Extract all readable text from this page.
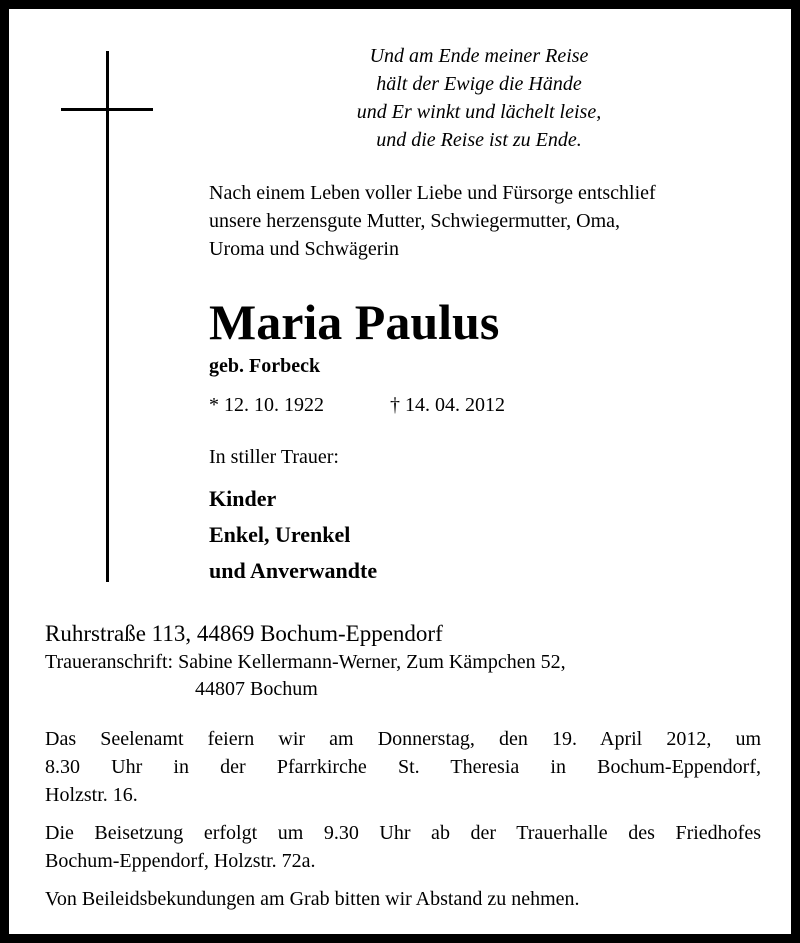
Und am Ende meiner Reise
hält der Ewige die Hände
und Er winkt und lächelt leise,
und die Reise ist zu Ende.
Nach einem Leben voller Liebe und Fürsorge entschlief
unsere herzensgute Mutter, Schwiegermutter, Oma,
Uroma und Schwägerin
Maria Paulus
geb. Forbeck
* 12. 10. 1922	† 14. 04. 2012
In stiller Trauer:
Kinder
Enkel, Urenkel
und Anverwandte
Ruhrstraße 113, 44869 Bochum-Eppendorf
Traueranschrift: Sabine Kellermann-Werner, Zum Kämpchen 52,
44807 Bochum
Das Seelenamt feiern wir am Donnerstag, den 19. April 2012, um
8.30 Uhr in der Pfarrkirche St. Theresia in Bochum-Eppendorf,
Holzstr. 16.
Die Beisetzung erfolgt um 9.30 Uhr ab der Trauerhalle des Friedhofes
Bochum-Eppendorf, Holzstr. 72a.
Von Beileidsbekundungen am Grab bitten wir Abstand zu nehmen.
